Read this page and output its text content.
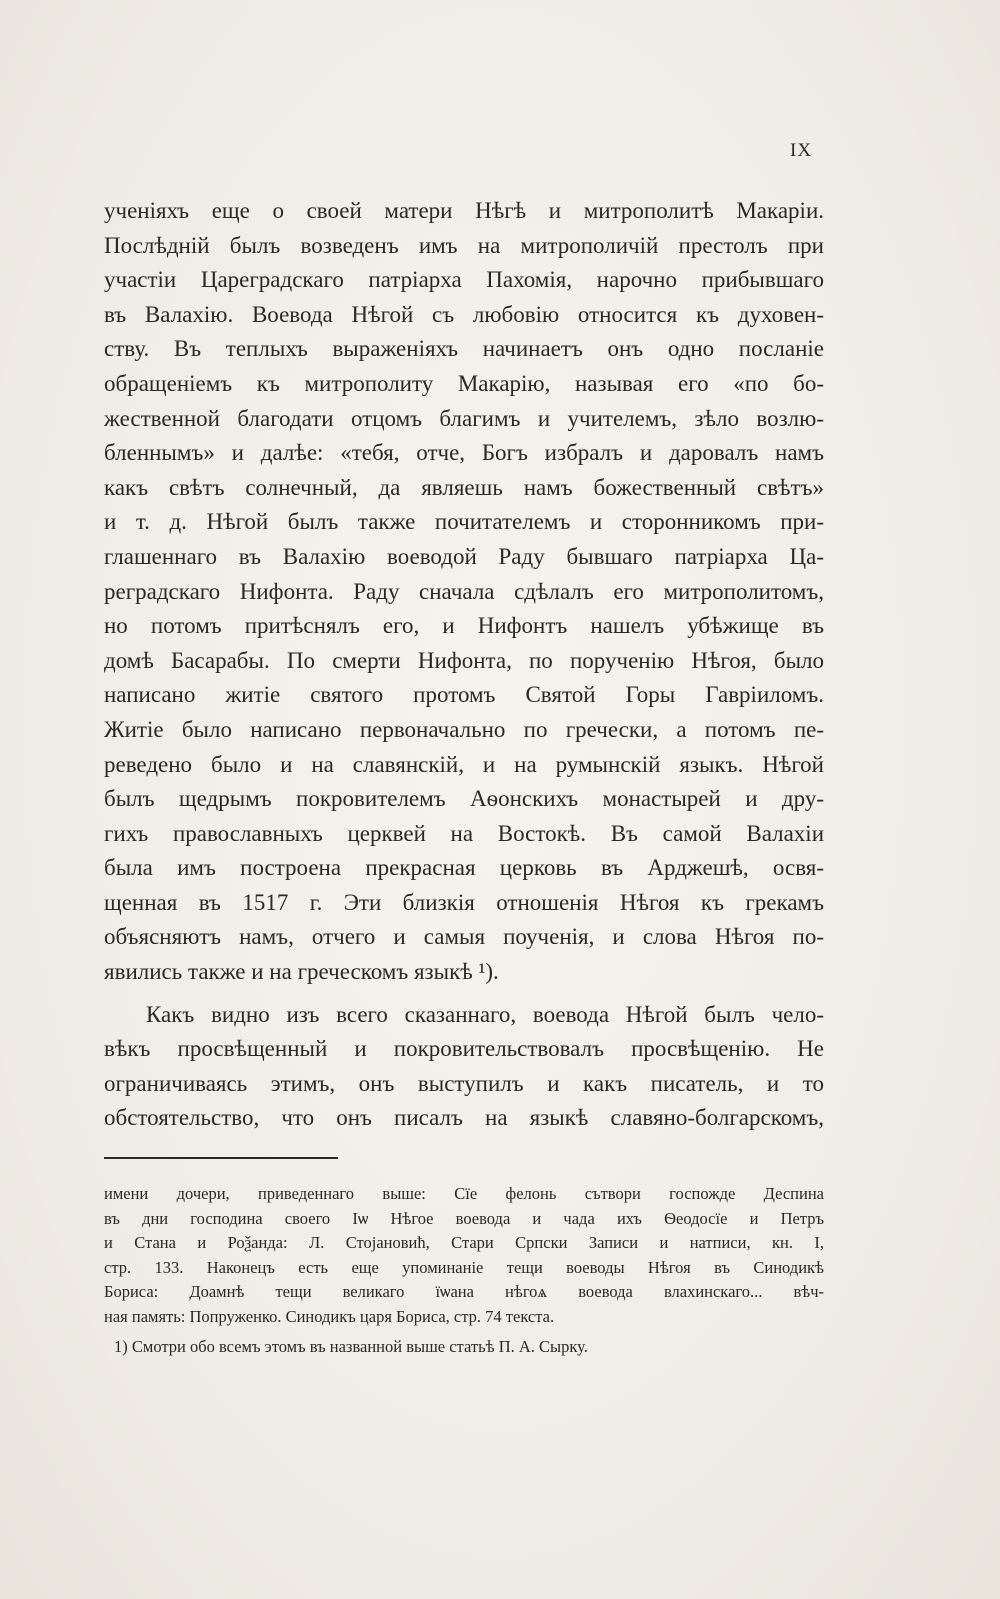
IX
ученіяхъ еще о своей матери Нѣгѣ и митрополитѣ Макаріи.
Послѣдній былъ возведенъ имъ на митрополичій престолъ при
участіи Цареградскаго патріарха Пахомія, нарочно прибывшаго
въ Валахію. Воевода Нѣгой съ любовію относится къ духовен-
ству. Въ теплыхъ выраженіяхъ начинаетъ онъ одно посланіе
обращеніемъ къ митрополиту Макарію, называя его «по бо-
жественной благодати отцомъ благимъ и учителемъ, зѣло возлю-
бленнымъ» и далѣе: «тебя, отче, Богъ избралъ и даровалъ намъ
какъ свѣтъ солнечный, да являешь намъ божественный свѣтъ»
и т. д. Нѣгой былъ также почитателемъ и сторонникомъ при-
глашеннаго въ Валахію воеводой Раду бывшаго патріарха Ца-
реградскаго Нифонта. Раду сначала сдѣлалъ его митрополитомъ,
но потомъ притѣснялъ его, и Нифонтъ нашелъ убѣжище въ
домѣ Басарабы. По смерти Нифонта, по порученію Нѣгоя, было
написано житіе святого протомъ Святой Горы Гавріиломъ.
Житіе было написано первоначально по гречески, а потомъ пе-
реведено было и на славянскій, и на румынскій языкъ. Нѣгой
былъ щедрымъ покровителемъ Аѳонскихъ монастырей и дру-
гихъ православныхъ церквей на Востокѣ. Въ самой Валахіи
была имъ построена прекрасная церковь въ Арджешѣ, освя-
щенная въ 1517 г. Эти близкія отношенія Нѣгоя къ грекамъ
объясняютъ намъ, отчего и самыя поученія, и слова Нѣгоя по-
явились также и на греческомъ языкѣ ¹).
Какъ видно изъ всего сказаннаго, воевода Нѣгой былъ чело-
вѣкъ просвѣщенный и покровительствовалъ просвѣщенію. Не
ограничиваясь этимъ, онъ выступилъ и какъ писатель, и то
обстоятельство, что онъ писалъ на языкѣ славяно-болгарскомъ,
имени дочери, приведеннаго выше: Сїе фелонь сътвори госпожде Деспина
въ дни господина своего Іѡ Нѣгое воевода и чада ихъ Ѳеодосїе и Петръ
и Стана и Роѯанда: Л. Стојановић, Стари Српски Записи и натписи, кн. I,
стр. 133. Наконецъ есть еще упоминаніе тещи воеводы Нѣгоя въ Синодикѣ
Бориса: Доамнѣ тещи великаго їѡана нѣгоѧ воевода влахинскаго... вѣч-
ная память: Попруженко. Синодикъ царя Бориса, стр. 74 текста.
1) Смотри обо всемъ этомъ въ названной выше статьѣ П. А. Сырку.
